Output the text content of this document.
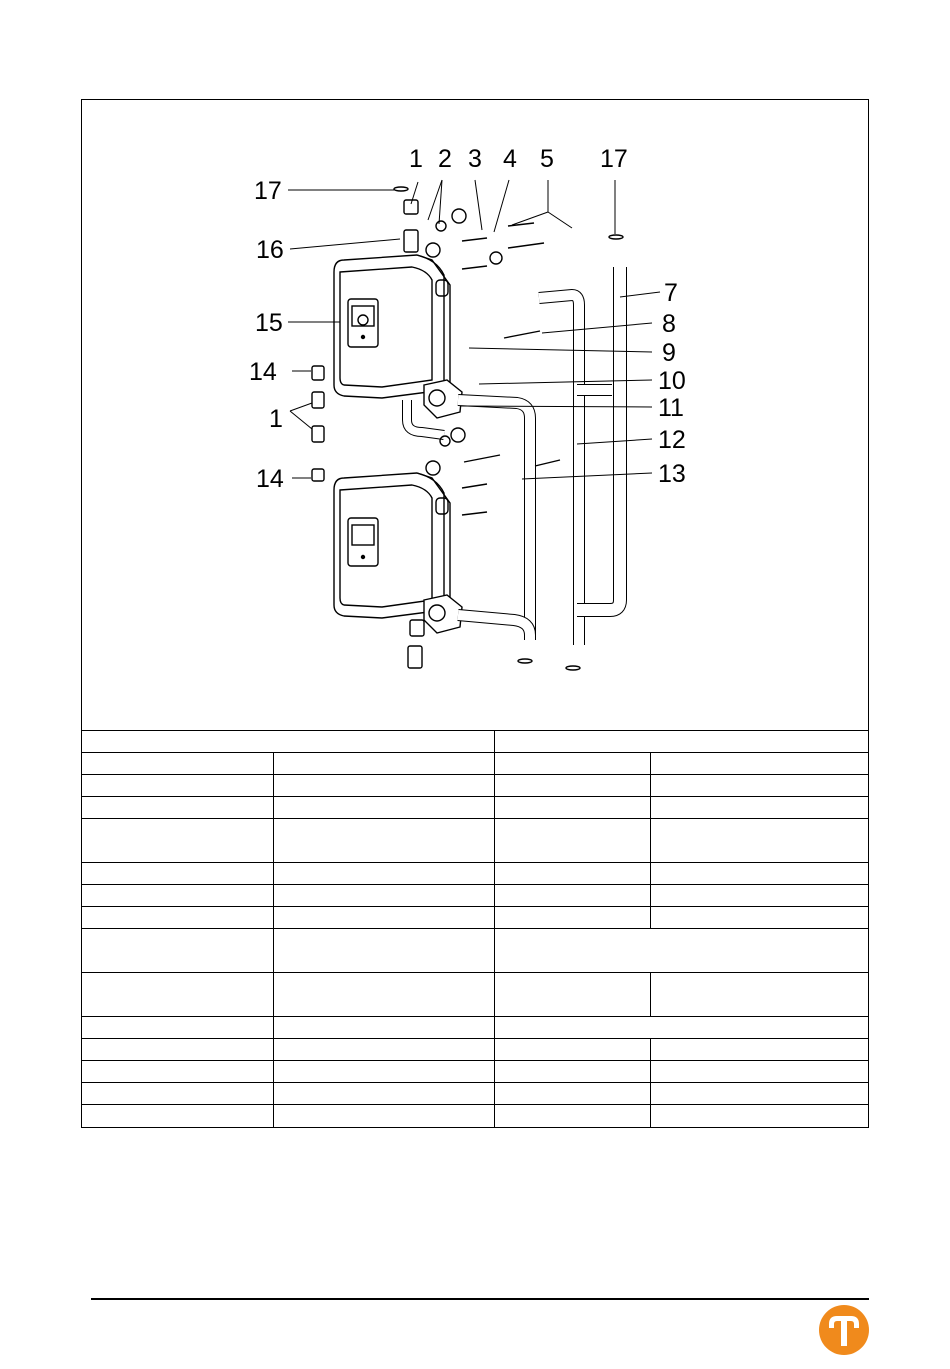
1 2 3 4 5 17
17
16
15
14
1
14
7
8
9
10
11
12
13
